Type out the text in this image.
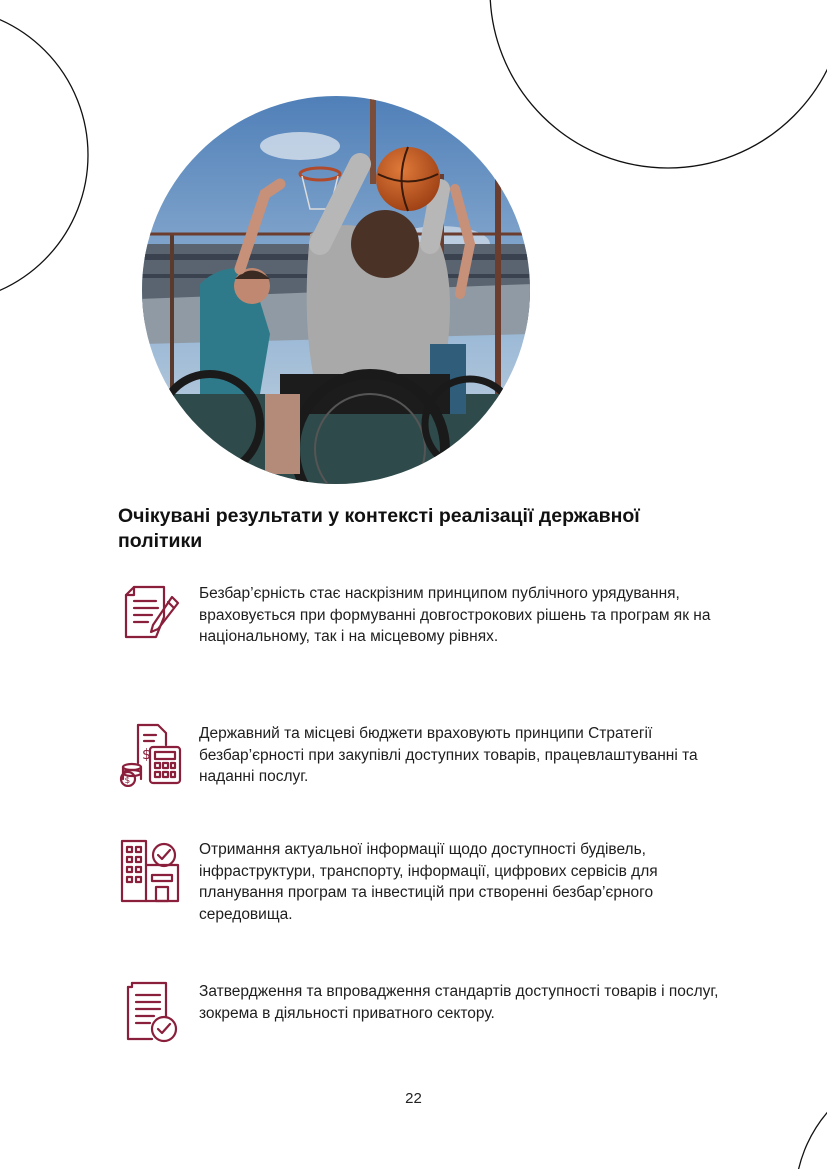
Очікувані результати у контексті реалізації державної політики

Безбар’єрність стає наскрізним принципом публічного урядування, враховується при формуванні довгострокових рішень та програм як на національному, так і на місцевому рівнях.

$
$

Державний та місцеві бюджети враховують принципи Стратегії безбар’єрності при закупівлі доступних товарів, працевлаштуванні та наданні послуг.

Отримання актуальної інформації щодо доступності будівель, інфраструктури, транспорту, інформації, цифрових сервісів для планування програм та інвестицій при створенні безбар’єрного середовища.

Затвердження та впровадження стандартів доступності товарів і послуг, зокрема в діяльності приватного сектору.

22
